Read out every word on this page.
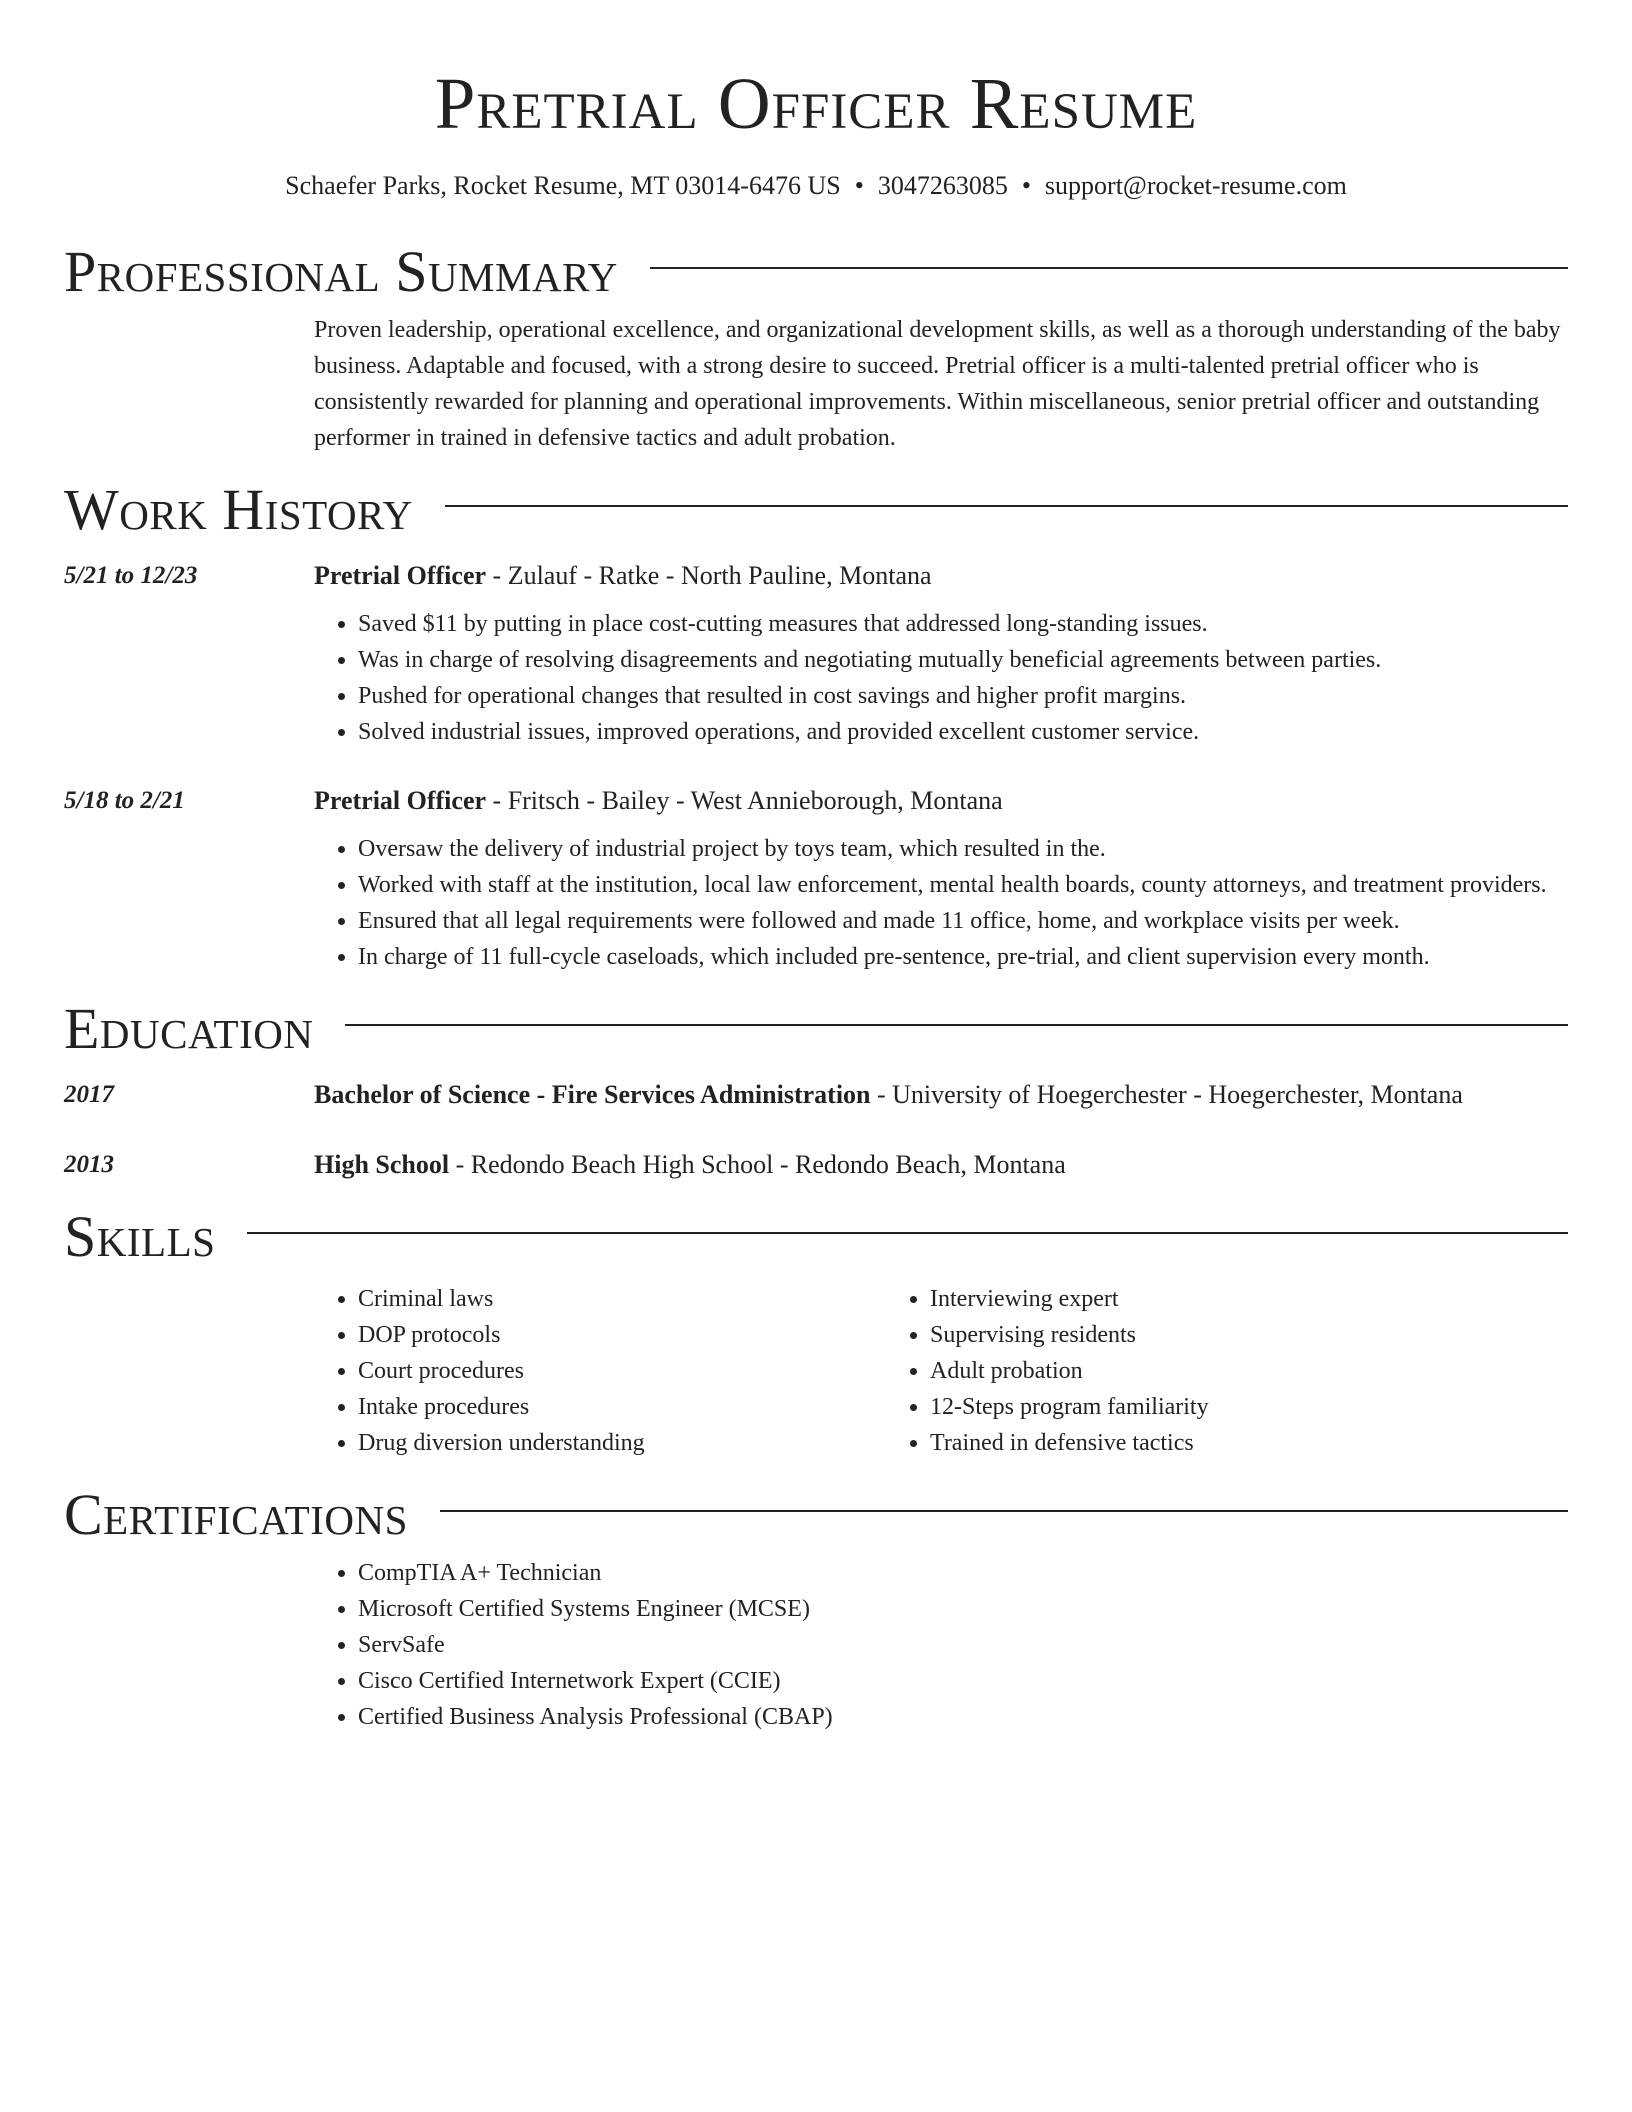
Pretrial Officer Resume
Schaefer Parks, Rocket Resume, MT 03014-6476 US • 3047263085 • support@rocket-resume.com
Professional Summary
Proven leadership, operational excellence, and organizational development skills, as well as a thorough understanding of the baby business. Adaptable and focused, with a strong desire to succeed. Pretrial officer is a multi-talented pretrial officer who is consistently rewarded for planning and operational improvements. Within miscellaneous, senior pretrial officer and outstanding performer in trained in defensive tactics and adult probation.
Work History
5/21 to 12/23	Pretrial Officer - Zulauf - Ratke - North Pauline, Montana
• Saved $11 by putting in place cost-cutting measures that addressed long-standing issues.
• Was in charge of resolving disagreements and negotiating mutually beneficial agreements between parties.
• Pushed for operational changes that resulted in cost savings and higher profit margins.
• Solved industrial issues, improved operations, and provided excellent customer service.
5/18 to 2/21	Pretrial Officer - Fritsch - Bailey - West Annieborough, Montana
• Oversaw the delivery of industrial project by toys team, which resulted in the.
• Worked with staff at the institution, local law enforcement, mental health boards, county attorneys, and treatment providers.
• Ensured that all legal requirements were followed and made 11 office, home, and workplace visits per week.
• In charge of 11 full-cycle caseloads, which included pre-sentence, pre-trial, and client supervision every month.
Education
2017	Bachelor of Science - Fire Services Administration - University of Hoegerchester - Hoegerchester, Montana
2013	High School - Redondo Beach High School - Redondo Beach, Montana
Skills
• Criminal laws
• DOP protocols
• Court procedures
• Intake procedures
• Drug diversion understanding
• Interviewing expert
• Supervising residents
• Adult probation
• 12-Steps program familiarity
• Trained in defensive tactics
Certifications
• CompTIA A+ Technician
• Microsoft Certified Systems Engineer (MCSE)
• ServSafe
• Cisco Certified Internetwork Expert (CCIE)
• Certified Business Analysis Professional (CBAP)
